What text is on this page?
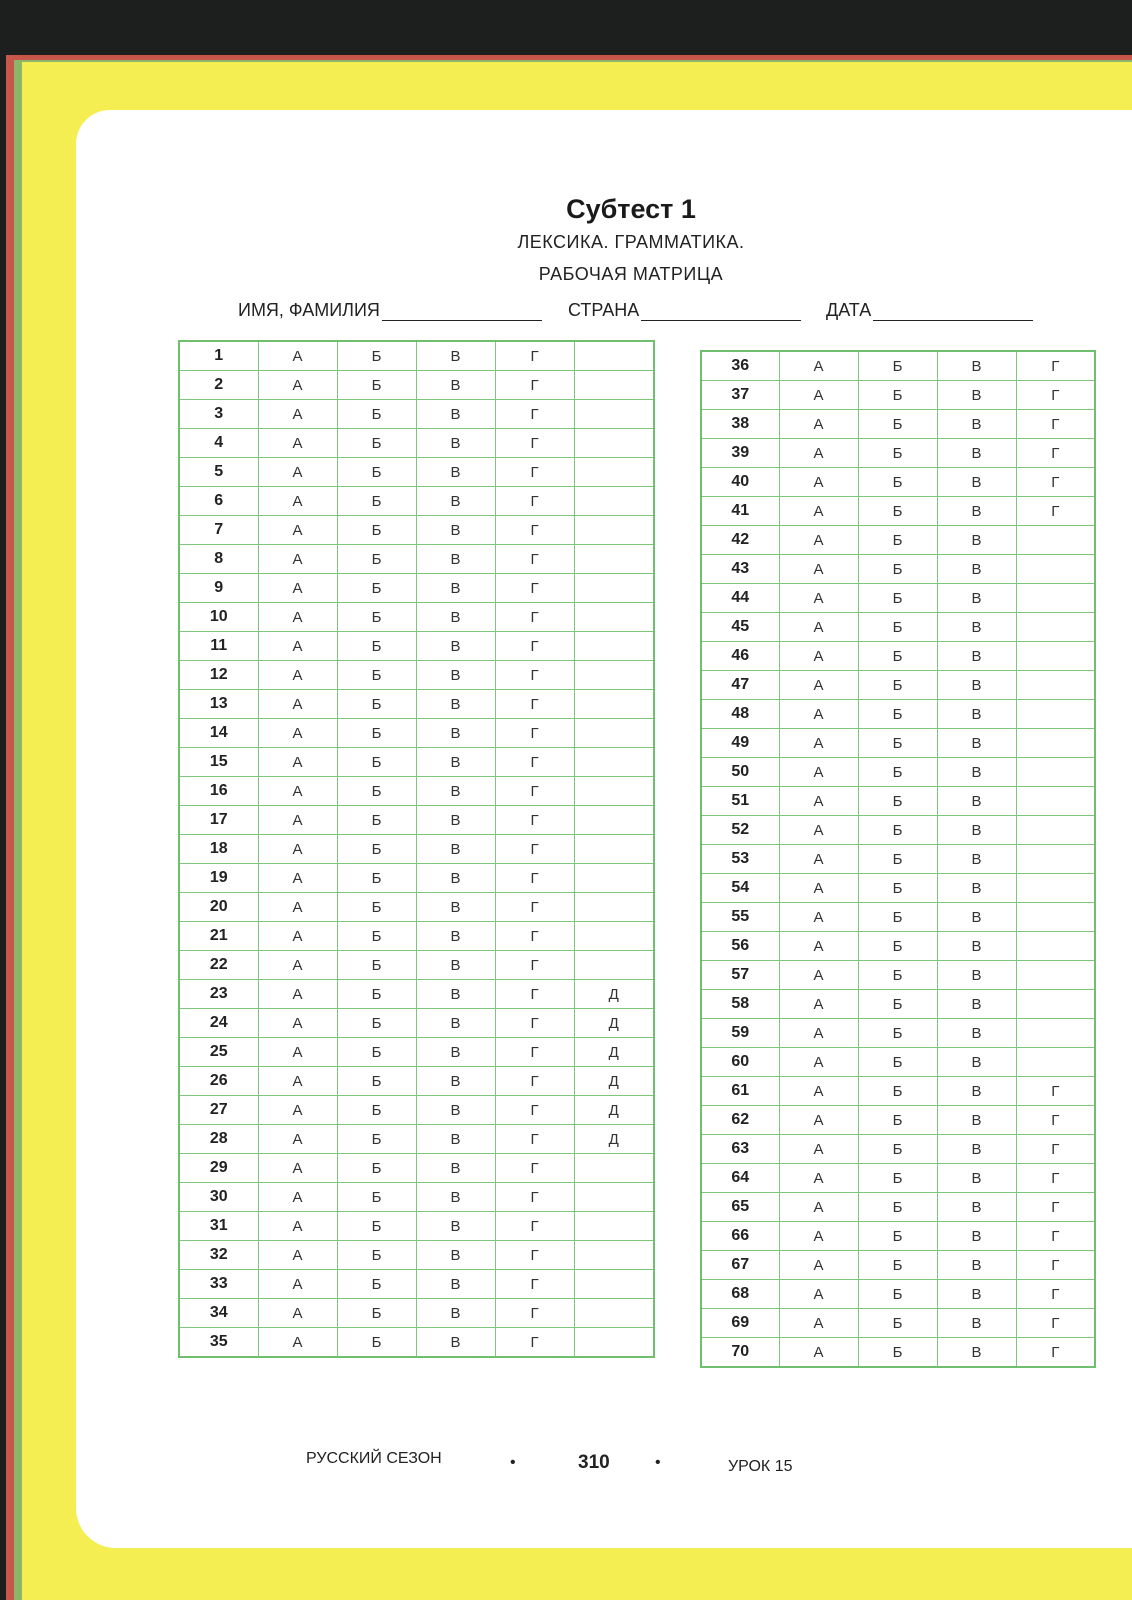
Субтест 1
ЛЕКСИКА. ГРАММАТИКА.
РАБОЧАЯ МАТРИЦА
ИМЯ, ФАМИЛИЯ	СТРАНА	ДАТА
1	А	Б	В	Г	
2	А	Б	В	Г	
3	А	Б	В	Г	
4	А	Б	В	Г	
5	А	Б	В	Г	
6	А	Б	В	Г	
7	А	Б	В	Г	
8	А	Б	В	Г	
9	А	Б	В	Г	
10	А	Б	В	Г	
11	А	Б	В	Г	
12	А	Б	В	Г	
13	А	Б	В	Г	
14	А	Б	В	Г	
15	А	Б	В	Г	
16	А	Б	В	Г	
17	А	Б	В	Г	
18	А	Б	В	Г	
19	А	Б	В	Г	
20	А	Б	В	Г	
21	А	Б	В	Г	
22	А	Б	В	Г	
23	А	Б	В	Г	Д
24	А	Б	В	Г	Д
25	А	Б	В	Г	Д
26	А	Б	В	Г	Д
27	А	Б	В	Г	Д
28	А	Б	В	Г	Д
29	А	Б	В	Г	
30	А	Б	В	Г	
31	А	Б	В	Г	
32	А	Б	В	Г	
33	А	Б	В	Г	
34	А	Б	В	Г	
35	А	Б	В	Г	
36	А	Б	В	Г
37	А	Б	В	Г
38	А	Б	В	Г
39	А	Б	В	Г
40	А	Б	В	Г
41	А	Б	В	Г
42	А	Б	В	
43	А	Б	В	
44	А	Б	В	
45	А	Б	В	
46	А	Б	В	
47	А	Б	В	
48	А	Б	В	
49	А	Б	В	
50	А	Б	В	
51	А	Б	В	
52	А	Б	В	
53	А	Б	В	
54	А	Б	В	
55	А	Б	В	
56	А	Б	В	
57	А	Б	В	
58	А	Б	В	
59	А	Б	В	
60	А	Б	В	
61	А	Б	В	Г
62	А	Б	В	Г
63	А	Б	В	Г
64	А	Б	В	Г
65	А	Б	В	Г
66	А	Б	В	Г
67	А	Б	В	Г
68	А	Б	В	Г
69	А	Б	В	Г
70	А	Б	В	Г
РУССКИЙ СЕЗОН	•	310	•	УРОК 15
